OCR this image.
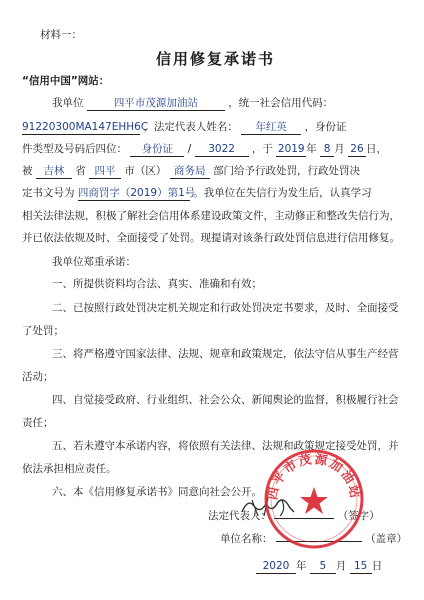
材料一：
信用修复承诺书
“信用中国”网站：
我单位	四平市茂源加油站	，统一社会信用代码：
91220300MA147EHH6C ，法定代表人姓名： 年红英 ，身份证
件类型及号码后四位： 身份证 / 3022 ，于 2019 年 8 月 26 日，
被 吉林 省 四平 市（区） 商务局 部门给予行政处罚，行政处罚决
定书文号为 四商罚字（2019）第1号 。我单位在失信行为发生后，认真学习
相关法律法规，积极了解社会信用体系建设政策文件，主动修正和整改失信行为，
并已依法依规及时、全面接受了处罚。现提请对该条行政处罚信息进行信用修复。
我单位郑重承诺：
一、所提供资料均合法、真实、准确和有效；
二、已按照行政处罚决定机关规定和行政处罚决定书要求，及时、全面接受
了处罚；
三、将严格遵守国家法律、法规、规章和政策规定，依法守信从事生产经营
活动；
四、自觉接受政府、行业组织、社会公众、新闻舆论的监督，积极履行社会
责任；
五、若未遵守本承诺内容，将依照有关法律、法规和政策规定接受处罚，并
依法承担相应责任。
六、本《信用修复承诺书》同意向社会公开。
法定代表人：	（签字）
单位名称：	（盖章）
2020 年 5 月 15 日
四平市茂源加油站
